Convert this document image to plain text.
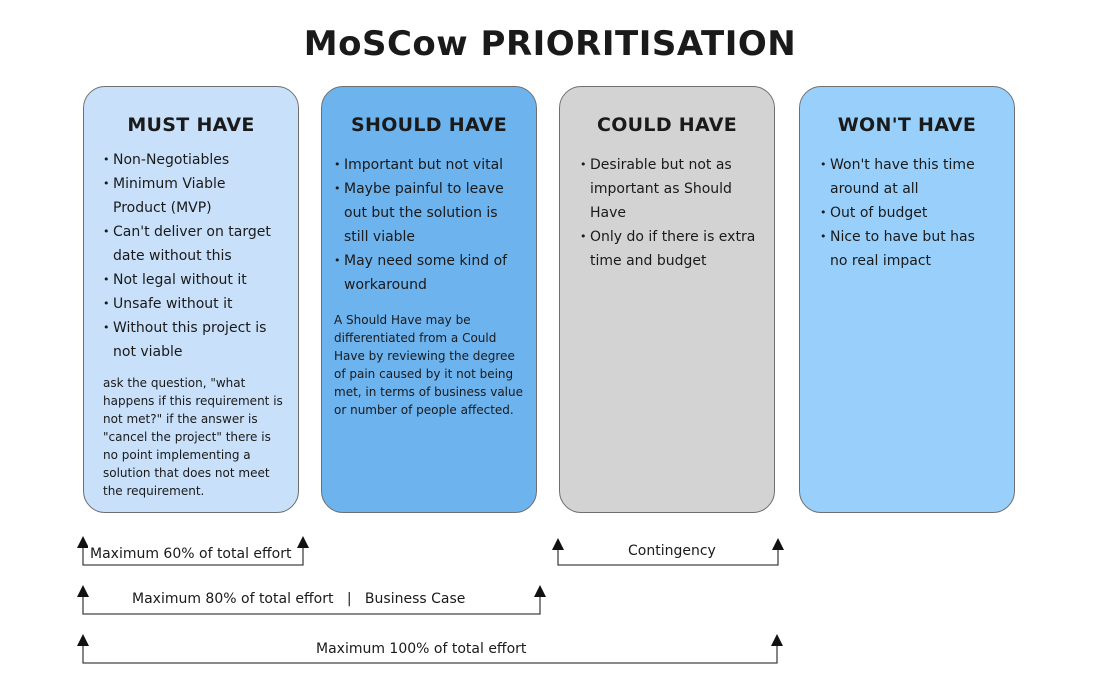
MoSCow PRIORITISATION
MUST HAVE
• Non-Negotiables
• Minimum Viable Product (MVP)
• Can't deliver on target date without this
• Not legal without it
• Unsafe without it
• Without this project is not viable
ask the question, "what happens if this requirement is not met?" if the answer is "cancel the project" there is no point implementing a solution that does not meet the requirement.
SHOULD HAVE
• Important but not vital
• Maybe painful to leave out but the solution is still viable
• May need some kind of workaround
A Should Have may be differentiated from a Could Have by reviewing the degree of pain caused by it not being met, in terms of business value or number of people affected.
COULD HAVE
• Desirable but not as important as Should Have
• Only do if there is extra time and budget
WON'T HAVE
• Won't have this time around at all
• Out of budget
• Nice to have but has no real impact
Maximum 60% of total effort	Contingency
Maximum 80% of total effort | Business Case
Maximum 100% of total effort
